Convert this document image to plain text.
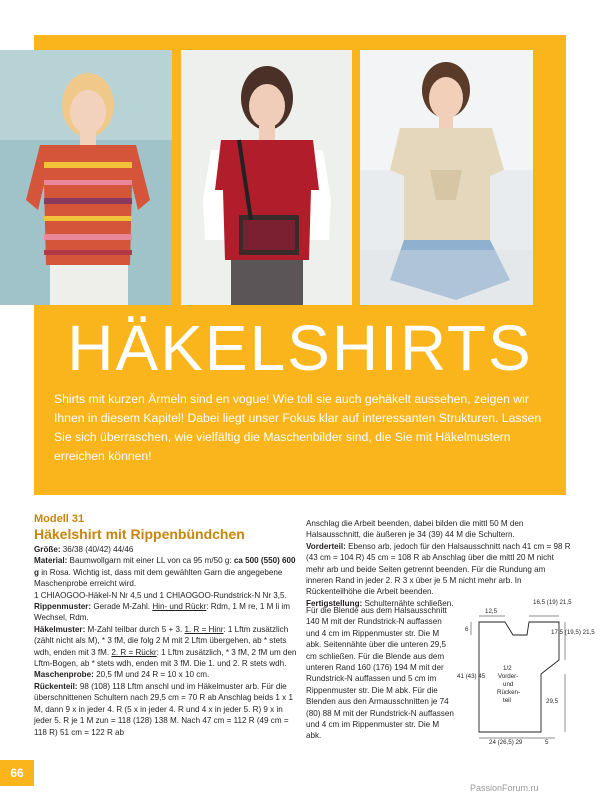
HÄKELSHIRTS
Shirts mit kurzen Ärmeln sind en vogue! Wie toll sie auch gehäkelt aussehen, zeigen wir Ihnen in diesem Kapitel! Dabei liegt unser Fokus klar auf interessanten Strukturen. Lassen Sie sich überraschen, wie vielfältig die Maschenbilder sind, die Sie mit Häkelmustern erreichen können!
Modell 31
Häkelshirt mit Rippenbündchen

Größe: 36/38 (40/42) 44/46

Material: Baumwollgarn mit einer LL von ca 95 m/50 g: ca 500 (550) 600 g in Rosa. Wichtig ist, dass mit dem gewählten Garn die angegebene Maschenprobe erreicht wird.

1 CHIAOGOO-Häkel-N Nr 4,5 und 1 CHIAOGOO-Rundstrick-N Nr 3,5.

Rippenmuster: Gerade M-Zahl. Hin- und Rückr: Rdm, 1 M re, 1 M li im Wechsel, Rdm.

Häkelmuster: M-Zahl teilbar durch 5 + 3. 1. R = Hinr: 1 Lftm zusätzlich (zählt nicht als M), * 3 fM, die folg 2 M mit 2 Lftm übergehen, ab * stets wdh, enden mit 3 fM. 2. R = Rückr: 1 Lftm zusätzlich, * 3 fM, 2 fM um den Lftm-Bogen, ab * stets wdh, enden mit 3 fM. Die 1. und 2. R stets wdh.

Maschenprobe: 20,5 fM und 24 R = 10 x 10 cm.

Rückenteil: 98 (108) 118 Lftm anschl und im Häkelmuster arb. Für die überschnittenen Schultern nach 29,5 cm = 70 R ab Anschlag beids 1 x 1 M, dann 9 x in jeder 4. R (5 x in jeder 4. R und 4 x in jeder 5. R) 9 x in jeder 5. R je 1 M zun = 118 (128) 138 M. Nach 47 cm = 112 R (49 cm = 118 R) 51 cm = 122 R ab

Anschlag die Arbeit beenden, dabei bilden die mittl 50 M den Halsausschnitt, die äußeren je 34 (39) 44 M die Schultern.

Vorderteil: Ebenso arb, jedoch für den Halsausschnitt nach 41 cm = 98 R (43 cm = 104 R) 45 cm = 108 R ab Anschlag über die mittl 20 M nicht mehr arb und beide Seiten getrennt beenden. Für die Rundung am inneren Rand in jeder 2. R 3 x über je 5 M nicht mehr arb. In Rückenteilhöhe die Arbeit beenden.

Fertigstellung: Schulternähte schließen.

Für die Blende aus dem Halsausschnitt 140 M mit der Rundstrick-N auffassen und 4 cm im Rippenmuster str. Die M abk. Seitennähte über die unteren 29,5 cm schließen. Für die Blende aus dem unteren Rand 160 (176) 194 M mit der Rundstrick-N auffassen und 5 cm im Rippenmuster str. Die M abk. Für die Blenden aus den Armausschnitten je 74 (80) 88 M mit der Rundstrick-N auffassen und 4 cm im Rippenmuster str. Die M abk.
12,5
16,5 (19) 21,5
6	17,5 (19,5) 21,5
41 (43) 45
29,5
1/2
Vorder-
und
Rücken-
teil
24 (26,5) 29	5
66
PassionForum.ru
